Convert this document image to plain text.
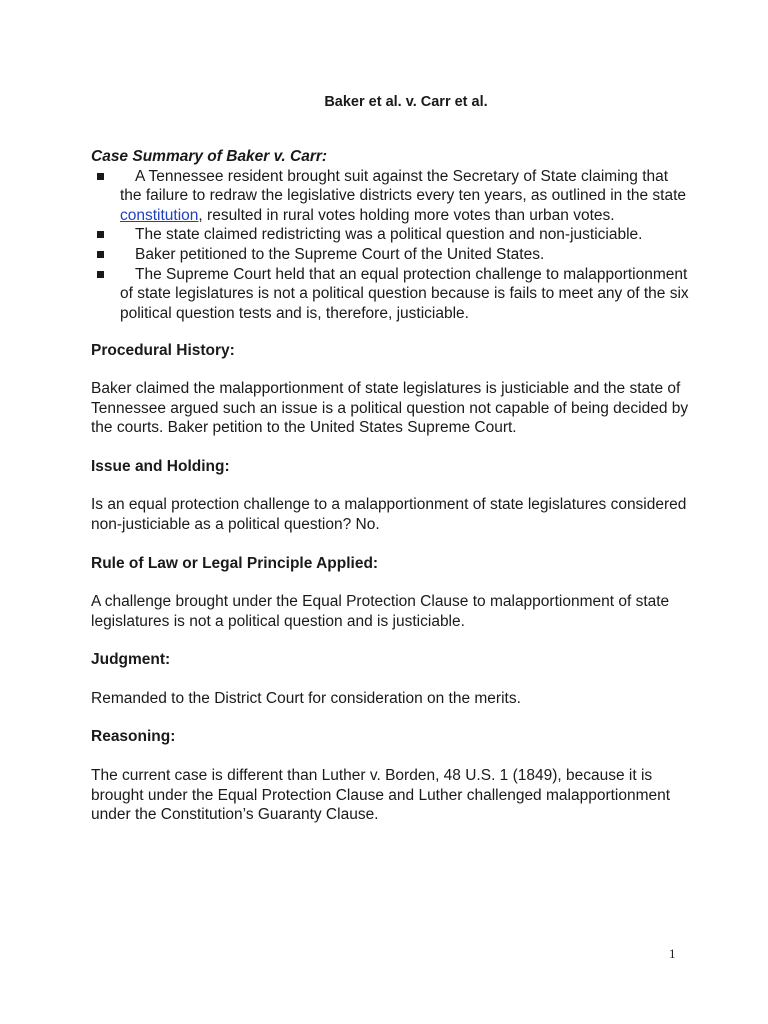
Baker et al. v. Carr et al.

Case Summary of Baker v. Carr:

A Tennessee resident brought suit against the Secretary of State claiming that the failure to redraw the legislative districts every ten years, as outlined in the state constitution, resulted in rural votes holding more votes than urban votes.
The state claimed redistricting was a political question and non-justiciable.
Baker petitioned to the Supreme Court of the United States.
The Supreme Court held that an equal protection challenge to malapportionment of state legislatures is not a political question because is fails to meet any of the six political question tests and is, therefore, justiciable.

Procedural History:

Baker claimed the malapportionment of state legislatures is justiciable and the state of Tennessee argued such an issue is a political question not capable of being decided by the courts. Baker petition to the United States Supreme Court.

Issue and Holding:

Is an equal protection challenge to a malapportionment of state legislatures considered non-justiciable as a political question? No.

Rule of Law or Legal Principle Applied:

A challenge brought under the Equal Protection Clause to malapportionment of state legislatures is not a political question and is justiciable.

Judgment:

Remanded to the District Court for consideration on the merits.

Reasoning:

The current case is different than Luther v. Borden, 48 U.S. 1 (1849), because it is brought under the Equal Protection Clause and Luther challenged malapportionment under the Constitution’s Guaranty Clause.

1
